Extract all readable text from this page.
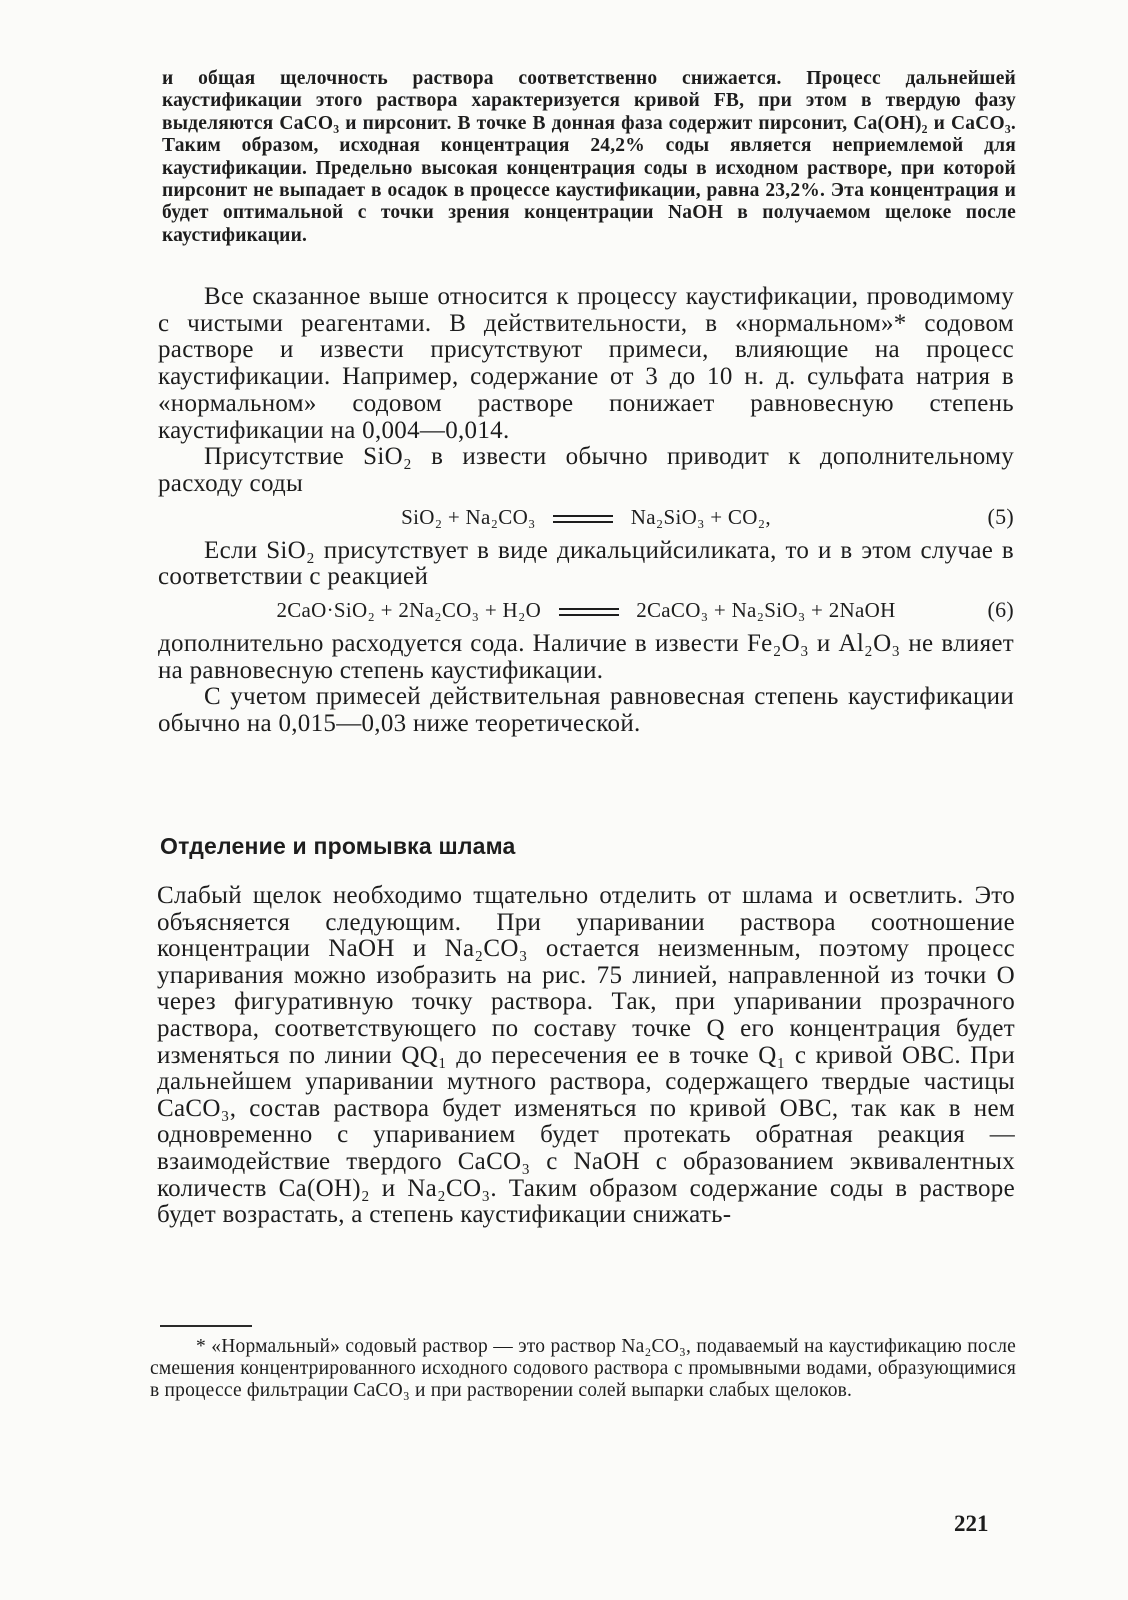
и общая щелочность раствора соответственно снижается. Процесс дальнейшей каустификации этого раствора характеризуется кривой FB, при этом в твердую фазу выделяются CaCO₃ и пирсонит. В точке B донная фаза содержит пирсонит, Ca(OH)₂ и CaCO₃. Таким образом, исходная концентрация 24,2% соды является неприемлемой для каустификации. Предельно высокая концентрация соды в исходном растворе, при которой пирсонит не выпадает в осадок в процессе каустификации, равна 23,2%. Эта концентрация и будет оптимальной с точки зрения концентрации NaOH в получаемом щелоке после каустификации.

Все сказанное выше относится к процессу каустификации, проводимому с чистыми реагентами. В действительности, в «нормальном»* содовом растворе и извести присутствуют примеси, влияющие на процесс каустификации. Например, содержание от 3 до 10 н. д. сульфата натрия в «нормальном» содовом растворе понижает равновесную степень каустификации на 0,004—0,014.

Присутствие SiO₂ в извести обычно приводит к дополнительному расходу соды

SiO₂ + Na₂CO₃	Na₂SiO₃ + CO₂,	(5)

Если SiO₂ присутствует в виде дикальцийсиликата, то и в этом случае в соответствии с реакцией

2CaO·SiO₂ + 2Na₂CO₃ + H₂O	2CaCO₃ + Na₂SiO₃ + 2NaOH	(6)

дополнительно расходуется сода. Наличие в извести Fe₂O₃ и Al₂O₃ не влияет на равновесную степень каустификации.

С учетом примесей действительная равновесная степень каустификации обычно на 0,015—0,03 ниже теоретической.

Отделение и промывка шлама

Слабый щелок необходимо тщательно отделить от шлама и осветлить. Это объясняется следующим. При упаривании раствора соотношение концентрации NaOH и Na₂CO₃ остается неизменным, поэтому процесс упаривания можно изобразить на рис. 75 линией, направленной из точки O через фигуративную точку раствора. Так, при упаривании прозрачного раствора, соответствующего по составу точке Q его концентрация будет изменяться по линии QQ₁ до пересечения ее в точке Q₁ с кривой OBC. При дальнейшем упаривании мутного раствора, содержащего твердые частицы CaCO₃, состав раствора будет изменяться по кривой OBC, так как в нем одновременно с упариванием будет протекать обратная реакция — взаимодействие твердого CaCO₃ с NaOH с образованием эквивалентных количеств Ca(OH)₂ и Na₂CO₃. Таким образом содержание соды в растворе будет возрастать, а степень каустификации снижать-

* «Нормальный» содовый раствор — это раствор Na₂CO₃, подаваемый на каустификацию после смешения концентрированного исходного содового раствора с промывными водами, образующимися в процессе фильтрации CaCO₃ и при растворении солей выпарки слабых щелоков.

221
